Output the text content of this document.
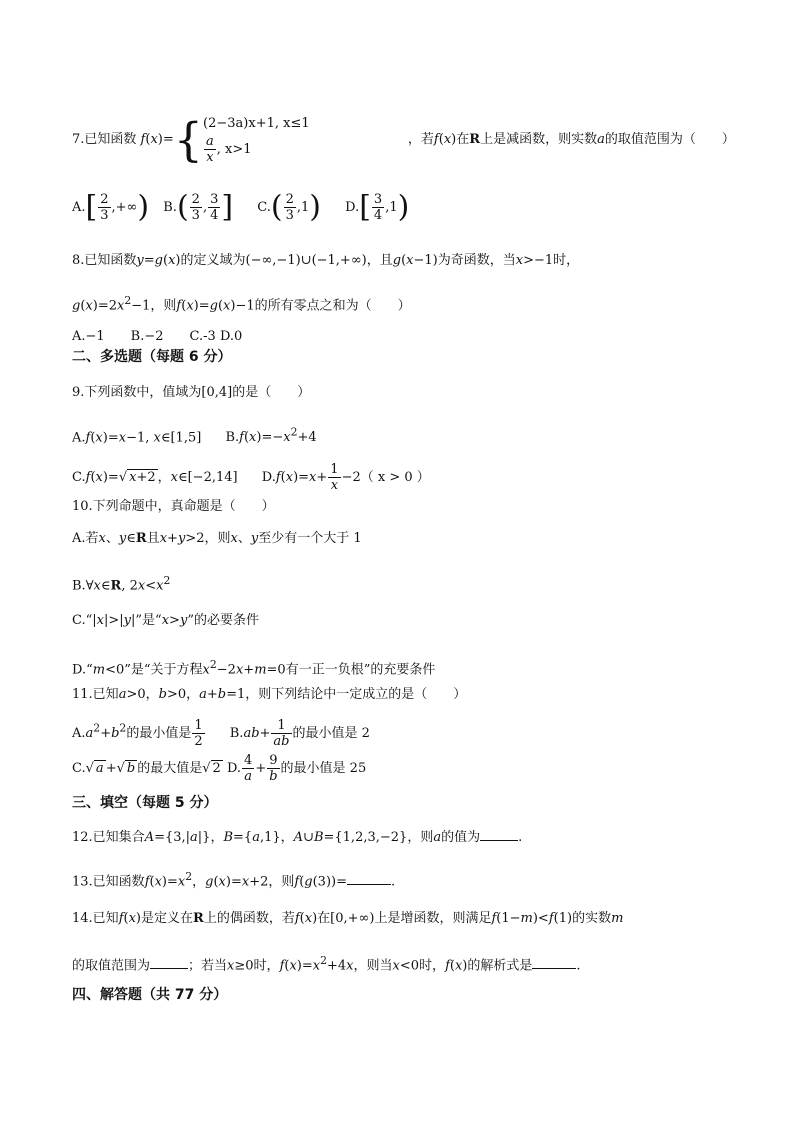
7.已知函数 f(x)={ (2−3a)x+1, x≤1
$\frac{a}{x}$ , x>1
，若f(x)在R上是减函数，则实数a的取值范围为（　　）
$A.[ \frac{2}{3}$ ,+∞) $B.( \frac{2}{3}$ , $\frac{3}{4}$ ] $C.( \frac{2}{3} ,1)$ $D.[ \frac{3}{4} ,1)$
8.已知函数y=g(x)的定义域为(−∞,−1)∪(−1,+∞)，且g(x−1)为奇函数，当x>−1时，
$g(x)=2x^2-1$，则f(x)=g(x)−1的所有零点之和为（　　）
A.−1　　B.−2　　C.-3 D.0
二、多选题（每题 6 分）
9.下列函数中，值域为[0,4]的是（　　）
A.f(x)=x−1, x∈[1,5] $B.f(x)=-x^2+4$
C.f(x)=√ x+2 ，x∈[−2,14] $D.f(x)=x+ \frac{1}{x} -2$（ x > 0 ）
10.下列命题中，真命题是（　　）
A.若x、y∈R且x+y>2，则x、y至少有一个大于 1
B.∀x∈R, $2x<x^2$
C.“|x|>|y|”是“x>y”的必要条件
D.“m<0”是“关于方程$x^2-2x+m=0$有一正一负根”的充要条件
11.已知a>0，b>0，a+b=1，则下列结论中一定成立的是（　　）
$A.a^2+b^2$的最小值是 $\frac{1}{2} B.ab+ \frac{1}{ab}$ 的最小值是 2
C.√ a +√ b 的最大值是√ 2 D. $\frac{4}{a} + \frac{9}{b}$ 的最小值是 25
三、填空（每题 5 分）
12.已知集合A={3,|a|}，B={a,1}，A∪B={1,2,3,−2}，则a的值为	.
13.已知函数$f(x)=x^2$，g(x)=x+2，则f(g(3))=	.
14.已知f(x)是定义在R上的偶函数，若f(x)在[0,+∞)上是增函数，则满足f(1−m)<f(1)的实数m
的取值范围为	；若当x≥0时，$f(x)=x^2+4x$，则当x<0时，f(x)的解析式是	.
四、解答题（共 77 分）
